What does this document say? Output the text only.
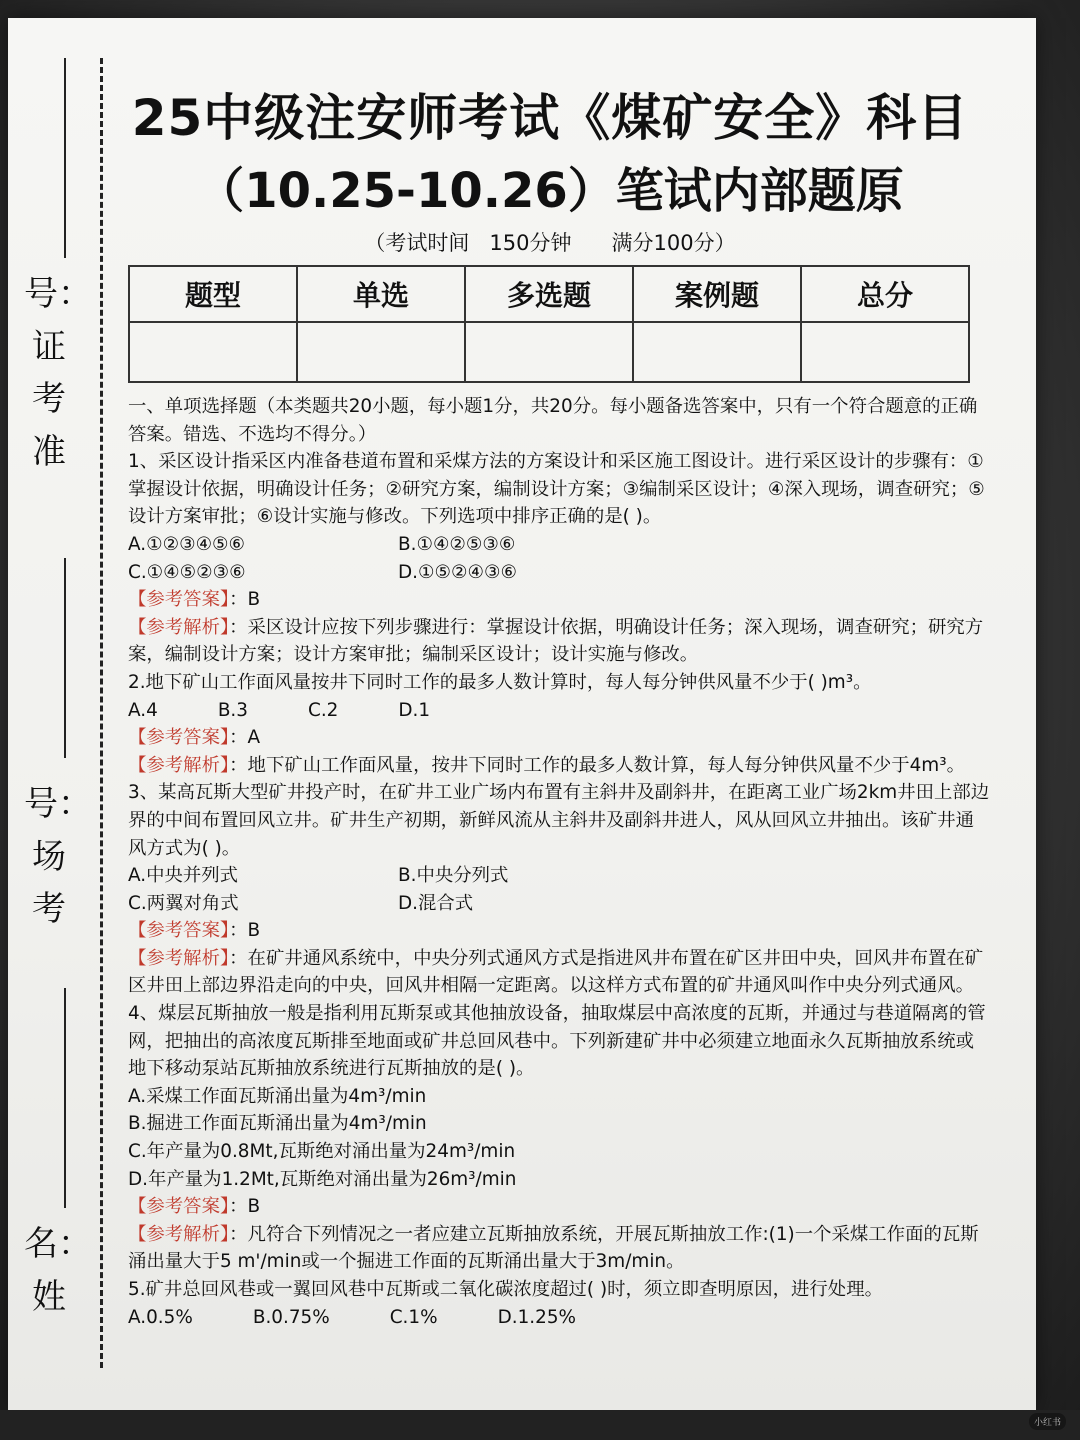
号：
证
考
准
号：
场
考
名：
姓
25中级注安师考试《煤矿安全》科目
（10.25-10.26）笔试内部题原
（考试时间   150分钟      满分100分）
题型	单选	多选题	案例题	总分

一、单项选择题（本类题共20小题，每小题1分，共20分。每小题备选答案中，只有一个符合题意的正确答案。错选、不选均不得分。）

1、采区设计指采区内准备巷道布置和采煤方法的方案设计和采区施工图设计。进行采区设计的步骤有：①掌握设计依据，明确设计任务；②研究方案，编制设计方案；③编制采区设计；④深入现场，调查研究；⑤设计方案审批；⑥设计实施与修改。下列选项中排序正确的是( )。

A.①②③④⑤⑥	B.①④②⑤③⑥
C.①④⑤②③⑥	D.①⑤②④③⑥

【参考答案】：B

【参考解析】：采区设计应按下列步骤进行：掌握设计依据，明确设计任务；深入现场，调查研究；研究方案，编制设计方案；设计方案审批；编制采区设计；设计实施与修改。

2.地下矿山工作面风量按井下同时工作的最多人数计算时，每人每分钟供风量不少于( )m³。

A.4	B.3	C.2	D.1

【参考答案】：A

【参考解析】：地下矿山工作面风量，按井下同时工作的最多人数计算，每人每分钟供风量不少于4m³。

3、某高瓦斯大型矿井投产时，在矿井工业广场内布置有主斜井及副斜井，在距离工业广场2km井田上部边界的中间布置回风立井。矿井生产初期，新鲜风流从主斜井及副斜井进人，风从回风立井抽出。该矿井通风方式为( )。

A.中央并列式	B.中央分列式
C.两翼对角式	D.混合式

【参考答案】：B

【参考解析】：在矿井通风系统中，中央分列式通风方式是指进风井布置在矿区井田中央，回风井布置在矿区井田上部边界沿走向的中央，回风井相隔一定距离。以这样方式布置的矿井通风叫作中央分列式通风。

4、煤层瓦斯抽放一般是指利用瓦斯泵或其他抽放设备，抽取煤层中高浓度的瓦斯，并通过与巷道隔离的管网，把抽出的高浓度瓦斯排至地面或矿井总回风巷中。下列新建矿井中必须建立地面永久瓦斯抽放系统或地下移动泵站瓦斯抽放系统进行瓦斯抽放的是( )。

A.采煤工作面瓦斯涌出量为4m³/min

B.掘进工作面瓦斯涌出量为4m³/min

C.年产量为0.8Mt,瓦斯绝对涌出量为24m³/min

D.年产量为1.2Mt,瓦斯绝对涌出量为26m³/min

【参考答案】：B

【参考解析】：凡符合下列情况之一者应建立瓦斯抽放系统，开展瓦斯抽放工作:(1)一个采煤工作面的瓦斯涌出量大于5 m'/min或一个掘进工作面的瓦斯涌出量大于3m/min。

5.矿井总回风巷或一翼回风巷中瓦斯或二氧化碳浓度超过( )时，须立即查明原因，进行处理。

A.0.5%	B.0.75%	C.1%	D.1.25%
小红书
